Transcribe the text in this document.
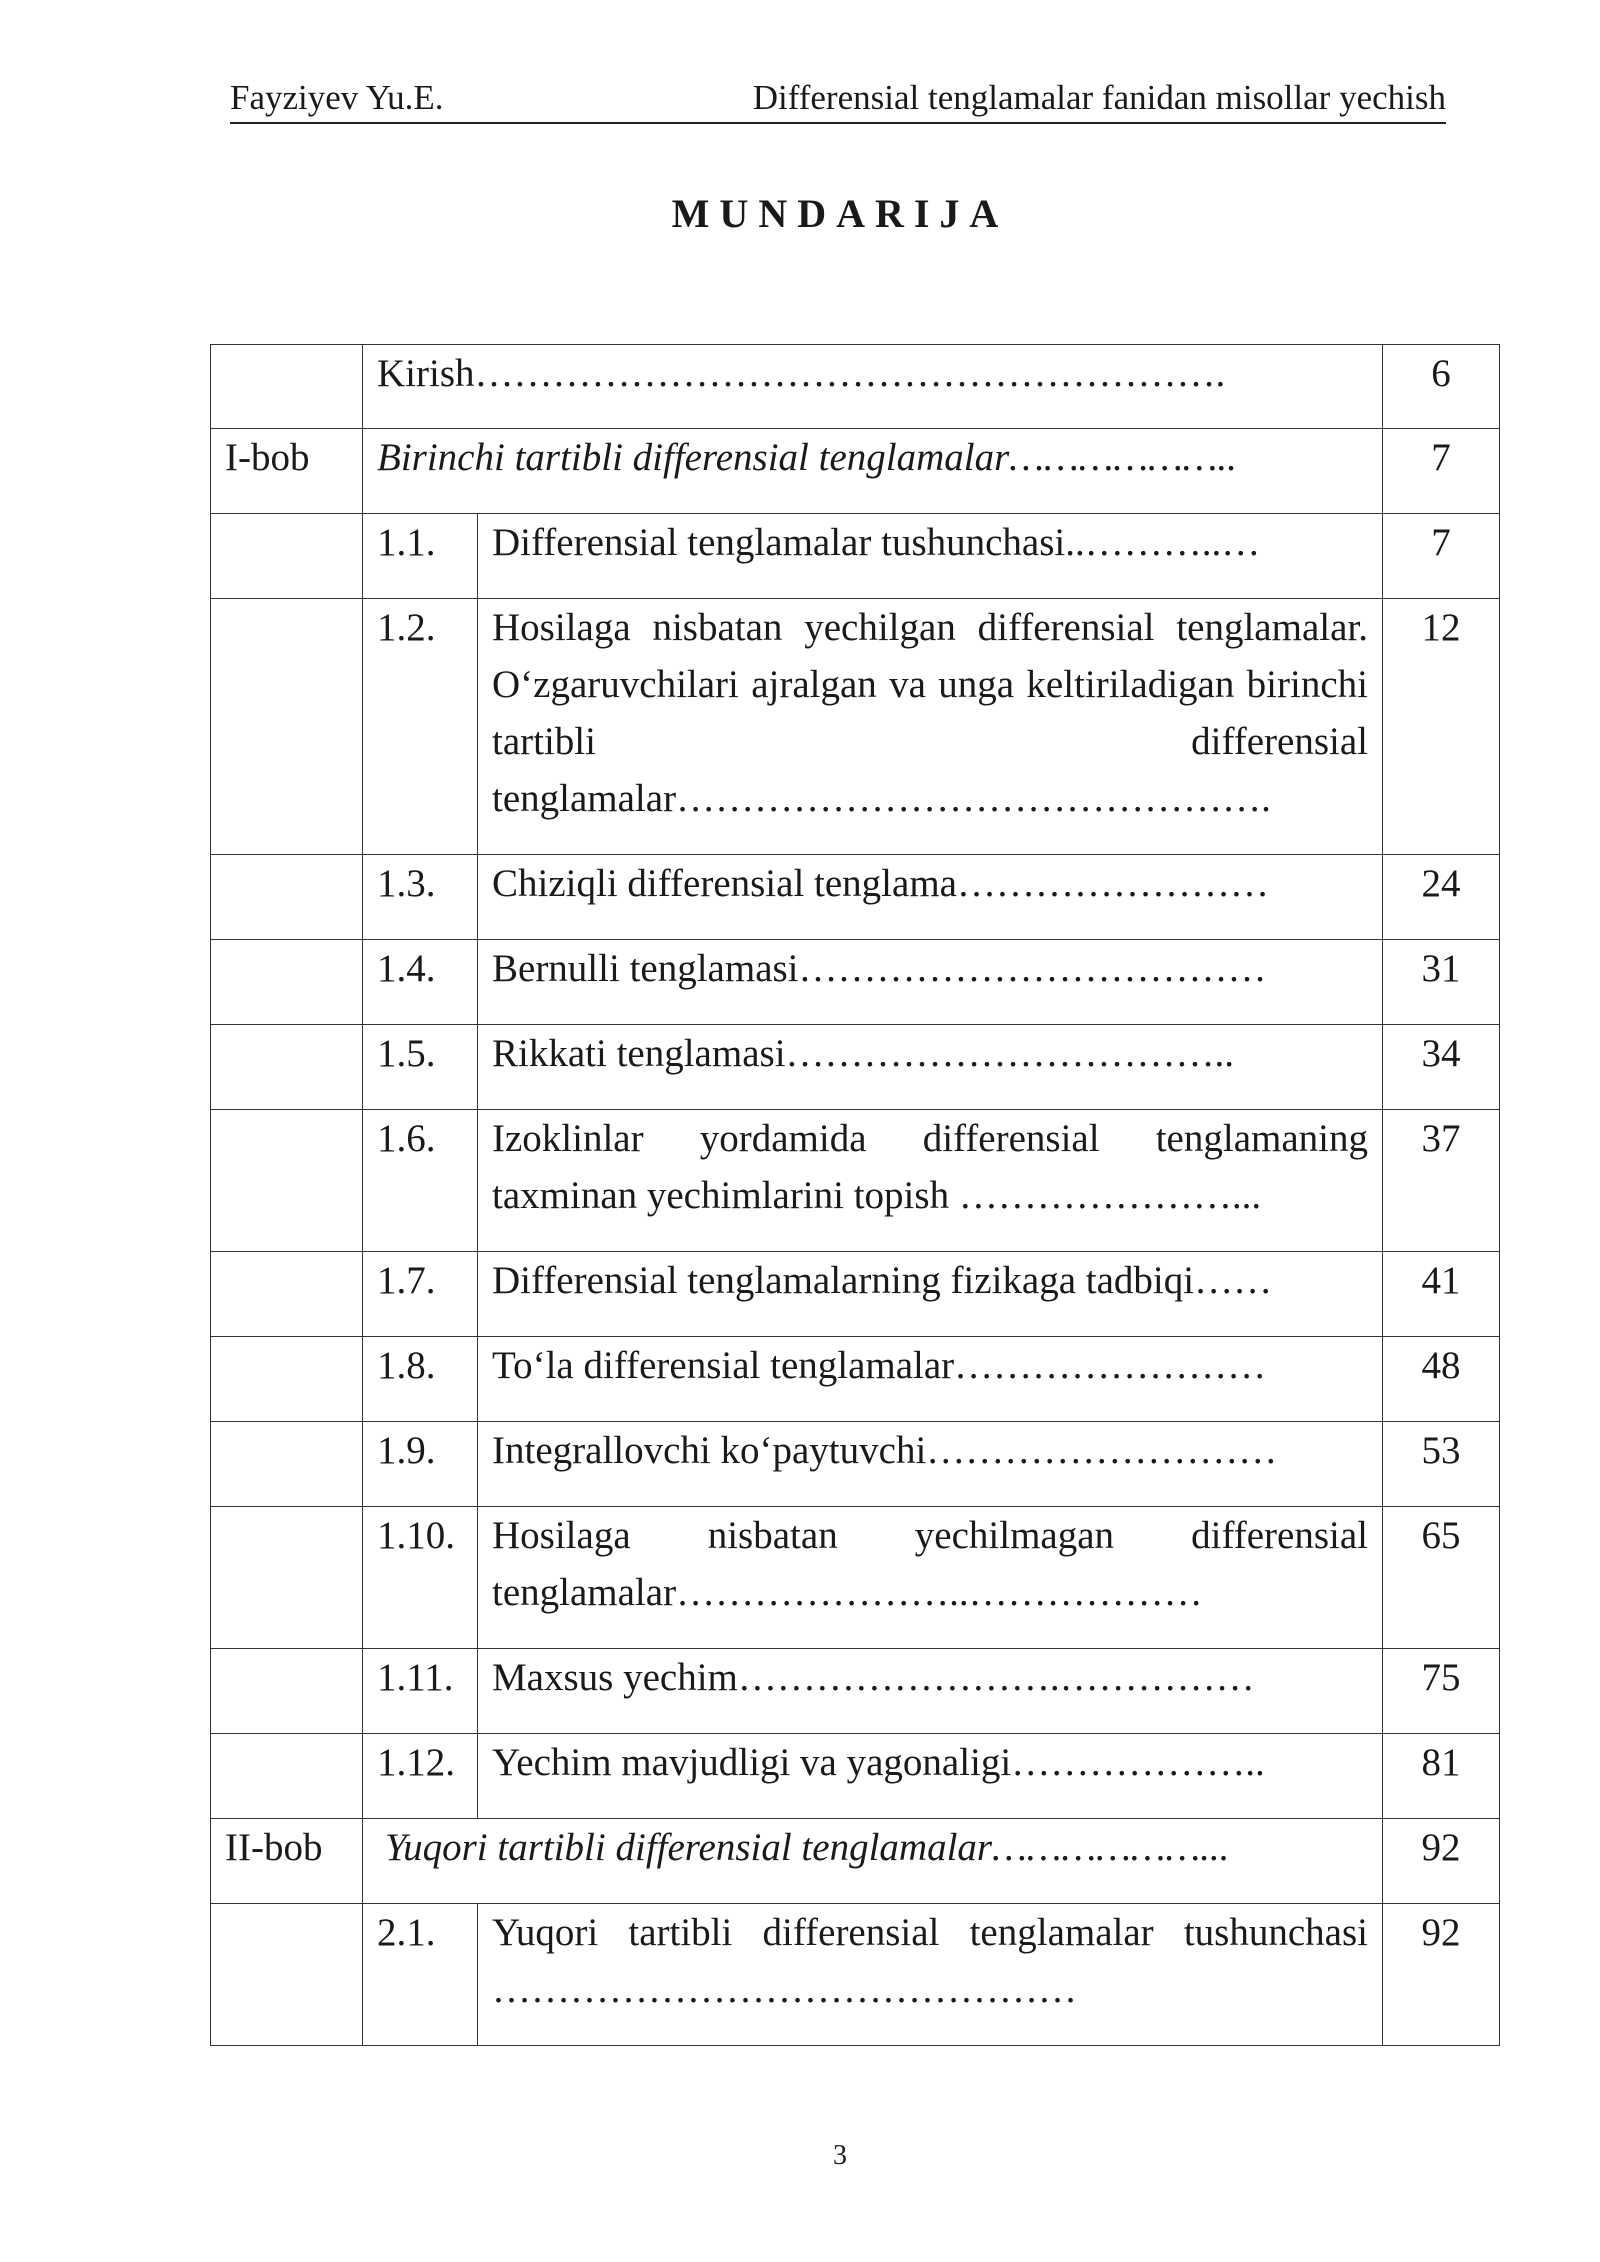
Fayziyev Yu.E.	Differensial tenglamalar fanidan misollar yechish
MUNDARIJA
	Kirish………………………………………………….		6

I-bob	Birinchi tartibli differensial tenglamalar………………..		7

	1.1.	Differensial tenglamalar tushunchasi..………..…	7

	1.2.	Hosilaga nisbatan yechilgan differensial tenglamalar. O‘zgaruvchilari ajralgan va unga keltiriladigan birinchi tartibli differensial tenglamalar……………………………………….	12

	1.3.	Chiziqli differensial tenglama……………………	24

	1.4.	Bernulli tenglamasi………………………………	31

	1.5.	Rikkati tenglamasi……………………………..	34

	1.6.	Izoklinlar yordamida differensial tenglamaning taxminan yechimlarini topish …………………...	37

	1.7.	Differensial tenglamalarning fizikaga tadbiqi……	41

	1.8.	To‘la differensial tenglamalar……………………	48

	1.9.	Integrallovchi ko‘paytuvchi………………………	53

	1.10.	Hosilaga nisbatan yechilmagan differensial tenglamalar…………………..………………	65

	1.11.	Maxsus yechim…………………….……………	75

	1.12.	Yechim mavjudligi va yagonaligi………………..	81

II-bob	Yuqori tartibli differensial tenglamalar………………...		92

	2.1.	Yuqori tartibli differensial tenglamalar tushunchasi ………………………………………	92
3
